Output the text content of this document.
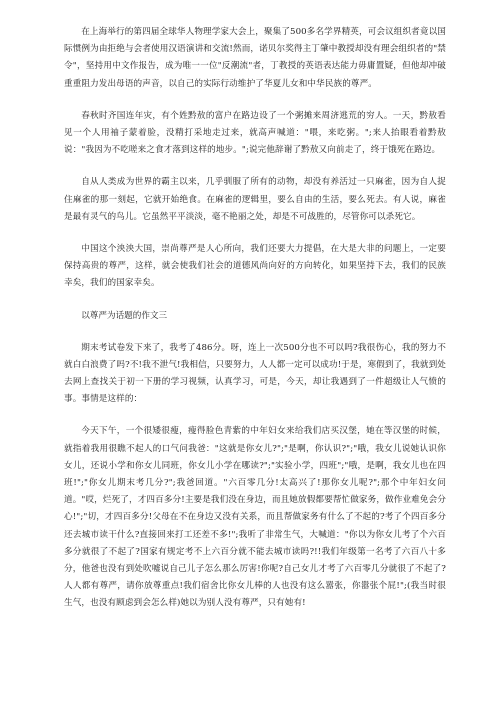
在上海举行的第四届全球华人物理学家大会上，聚集了500多名学界精英，可会议组织者竟以国际惯例为由拒绝与会者使用汉语演讲和交流!然而，诺贝尔奖得主丁肇中教授却没有理会组织者的"禁令"，坚持用中文作报告，成为唯一一位"反潮流"者，丁教授的英语表达能力毋庸置疑，但他却冲破重重阻力发出母语的声音，以自己的实际行动维护了华夏儿女和中华民族的尊严。

春秋时齐国连年灾，有个姓黔敖的富户在路边设了一个粥摊来周济逃荒的穷人。一天，黔敖看见一个人用袖子蒙着脸，没精打采地走过来，就高声喊道："喂，来吃粥。";来人抬眼看着黔敖说："我因为不吃嗟来之食才落到这样的地步。";说完他辞谢了黔敖又向前走了，终于饿死在路边。

自从人类成为世界的霸主以来，几乎驯服了所有的动物，却没有养活过一只麻雀，因为自人捉住麻雀的那一刻起，它就开始绝食。在麻雀的逻辑里，要么自由的生活，要么死去。有人说，麻雀是最有灵气的鸟儿。它虽然平平淡淡，毫不艳丽之处，却是不可战胜的，尽管你可以杀死它。

中国这个泱泱大国，崇尚尊严是人心所向，我们还要大力提倡，在大是大非的问题上，一定要保持高贵的尊严，这样，就会使我们社会的道德风尚向好的方向转化，如果坚持下去，我们的民族幸矣，我们的国家幸矣。

以尊严为话题的作文三

期末考试卷发下来了，我考了486分。呀，连上一次500分也不可以吗?我很伤心，我的努力不就白白浪费了吗?不!我不泄气!我相信，只要努力，人人都一定可以成功!于是，寒假到了，我就到处去网上查找关于初一下册的学习视频，认真学习，可是，今天，却让我遇到了一件超级让人气愤的事。事情是这样的：

今天下午，一个很矮很瘦，瘦得脸色青紫的中年妇女来给我们店买汉堡，她在等汉堡的时候，就指着我用很瞧不起人的口气问我爸："这就是你女儿?";"是啊，你认识?";"哦，我女儿说她认识你女儿，还说小学和你女儿同班，你女儿小学在哪读?";"实验小学，四班";"哦，是啊，我女儿也在四班!";"你女儿期末考几分?";我爸回道。"六百零几分!太高兴了!那你女儿呢?";那个中年妇女问道。"哎，烂死了，才四百多分!主要是我们没在身边，而且她放假都要帮忙做家务，做作业难免会分心!";"切，才四百多分!父母在不在身边又没有关系，而且帮做家务有什么了不起的?考了个四百多分还去城市读干什么?直接回来打工还差不多!";我听了非常生气，大喊道："你以为你女儿考了个六百多分就很了不起了?国家有规定考不上六百分就不能去城市读吗?!!我们年级第一名考了六百八十多分，他爸也没有到处吹嘘说自己儿子怎么那么厉害!你呢?自己女儿才考了六百零几分就很了不起了?人人都有尊严，请你放尊重点!我们宿舍比你女儿棒的人也没有这么嚣张，你嚣张个屁!";(我当时很生气，也没有顾虑到会怎么样)她以为别人没有尊严，只有她有!
